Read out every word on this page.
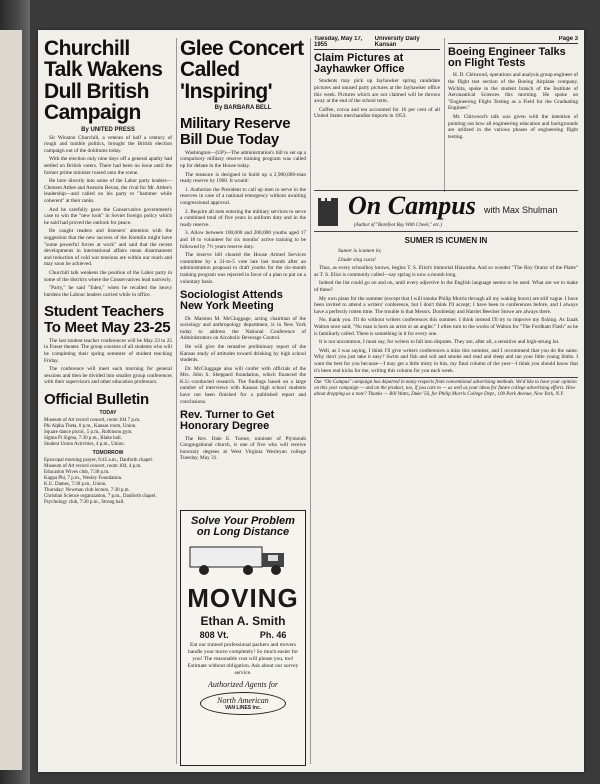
Churchill Talk Wakens Dull British Campaign
By UNITED PRESS

Sir Winston Churchill, a veteran of half a century of rough and tumble politics, brought the British election campaign out of the doldrums today.

With the election only nine days off a general apathy had settled on British voters. There had been no issue until the former prime minister roared onto the scene.

He bore directly into some of the Labor party leaders—Clement Attlee and Aneurin Bevan, the rival for Mr. Attlee's leadership—and called on his party to "hammer while coherent" at their ranks.

And he carefully gave the Conservative government's case to win the "new look" in Soviet foreign policy which he said had proved the outlook for peace.

He caught readers and listeners' attention with the suggestion that the new success of the Kremlin might have "some powerful forces at work" and said that the recent developments in international affairs mean disarmament and reduction of cold war tensions are within our reach and may soon be achieved.

Churchill talk weakens the position of the Labor party in some of the districts where the Conservatives lead narrowly.

"Party," he said "Eden," when he recalled the heavy burdens the Labour leaders carried while in office.

Student Teachers To Meet May 23-25

The last student teacher conferences will be May 23 to 25 in Fraser theater. The group consists of all students who will be completing their spring semester of student teaching Friday.

The conference will meet each morning for general sessions and then be divided into smaller group conferences with their supervisors and other education professors.

Official Bulletin
TODAY

Museum of Art record concert, room 104 7 p.m.

Phi Alpha Theta, 8 p.m., Kansas room, Union.

Square dance picnic, 5 p.m., Robinson gym.

Sigma Pi Sigma, 7:30 p.m., Blake hall.

Student Union Activities, 4 p.m., Union.

TOMORROW

Episcopal morning prayer, 6:45 a.m., Danforth chapel.

Museum of Art record concert, room 104, 4 p.m.

Education Wives club, 7:30 p.m.

Kappa Phi, 7 p.m., Wesley Foundation.

K.U. Dames, 7:30 p.m., Union.

Thursday: Newman club lecture, 7:30 p.m.

Christian Science organization, 7 p.m., Danforth chapel.

Psychology club, 7:30 p.m., Strong hall.

Glee Concert Called 'Inspiring'
By BARBARA BELL
Military Reserve Bill Due Today

Washington—(UP)—The administration's bill to set up a compulsory military reserve training program was called up for debate in the House today.

The measure is designed to build up a 2,900,000-man ready reserve by 1960. It would:

1. Authorize the President to call up men to serve in the reserves in case of a national emergency without awaiting congressional approval.

2. Require all men entering the military services to serve a combined total of five years in uniform duty and in the ready reserve.

3. Allow between 100,000 and 200,000 youths aged 17 and 18 to volunteer for six months' active training to be followed by 7½ years reserve duty.

The reserve bill cleared the House Armed Services committee by a 31-to-5 vote late last month after an administration proposal to draft youths for the six-month training program was rejected in favor of a plan to put on a voluntary basis.

Sociologist Attends New York Meeting

Dr. Marston M. McCluggage, acting chairman of the sociology and anthropology department, is in New York today to address the National Conference of Administrators on Alcoholic Beverage Control.

He will give the tentative preliminary report of the Kansas study of attitudes toward drinking by high school students.

Dr. McCluggage also will confer with officials of the Mrs. John S. Sheppard foundation, which financed the K.U.-conducted research. The findings based on a large number of interviews with Kansas high school students have not been finished for a published report and conclusions.

Rev. Turner to Get Honorary Degree

The Rev. Dale E. Turner, minister of Plymouth Congregational church, is one of five who will receive honorary degrees at West Virginia Wesleyan college Tuesday, May 31.

Tuesday, May 17, 1955
University Daily Kansan
Claim Pictures at Jayhawker Office

Students may pick up Jayhawker spring candidate pictures and unused party pictures at the Jayhawker office this week. Pictures which are not claimed will be thrown away at the end of the school term.

Coffee, cocoa and tea accounted for 16 per cent of all United States merchandise imports in 1953.

Page 3
Boeing Engineer Talks on Flight Tests

H. D. Chitwood, operations and analysis group engineer of the flight test section of the Boeing Airplane company, Wichita, spoke to the student branch of the Institute of Aeronautical Sciences this morning. He spoke on "Engineering Flight Testing as a Field for the Graduating Engineer."

Mr. Chitwood's talk was given with the intention of pointing out how all engineering education and backgrounds are utilized in the various phases of engineering flight testing.

On Campus with Max Shulman
(Author of "Barefoot Boy With Cheek," etc.)
SUMER IS ICUMEN IN

Sumer is icumen in;

Lhude sing cucu!

Thus, as every schoolboy knows, begins T. S. Eliot's immortal Hiawatha. And so wonder "The Boy Orator of the Platte" as T. S. Eliot is commonly called—say spring is now a month long.

Indeed the list could go on and on, until every adjective in the English language seems to be used. What are we to make of these?

My own plans for the summer (except that I will smoke Philip Morris through all my waking hours) are still vague. I have been invited to attend a writers' conference, but I don't think I'll accept; I have been to conferences before, and I always have a perfectly rotten time. The trouble is that Messrs. Doubleday and Harriet Beecher Stowe are always there.

No, thank you. I'll do without writers conferences this summer. I think instead I'll try to improve my fishing. As Izaak Walton once said, "No man is born an artist or an angler." I often turn to the works of Walton for "The Fordham Flash" as he is familiarly called. There is something in it for every one.

It is not uncommon, I must say, for writers to fall into disputes. They are, after all, a sensitive and high-strung lot.

Well, as I was saying, I think I'll give writers conferences a miss this summer, and I recommend that you do the same. Why don't you just take it easy? Swim and fish and soil and smoke and read and sleep and tan your little young limbs. I want the best for you because—I may get a little misty in this, my final column of the year—I think you should know that it's been real kicks for me, writing this column for you each week.

Our "On Campus" campaign has departed in many respects from conventional advertising methods. We'd like to have your opinion on this year campaign — and on the product, too, if you care to — as well as your ideas for future college advertising efforts. How about dropping us a note? Thanks — Bill Watts, Duke '56, for Philip Morris College Dept., 100 Park Avenue, New York, N.Y.

Solve Your Problem on Long Distance
MOVING
Ethan A. Smith
808 Vt.	Ph. 46

Eat our trained professional packers and movers handle your move completely! So much easier for you! The reasonable cost will please you, too! Estimate without obligation. Ask about our survey service.

Authorized Agents for
North American
VAN LINES Inc.
